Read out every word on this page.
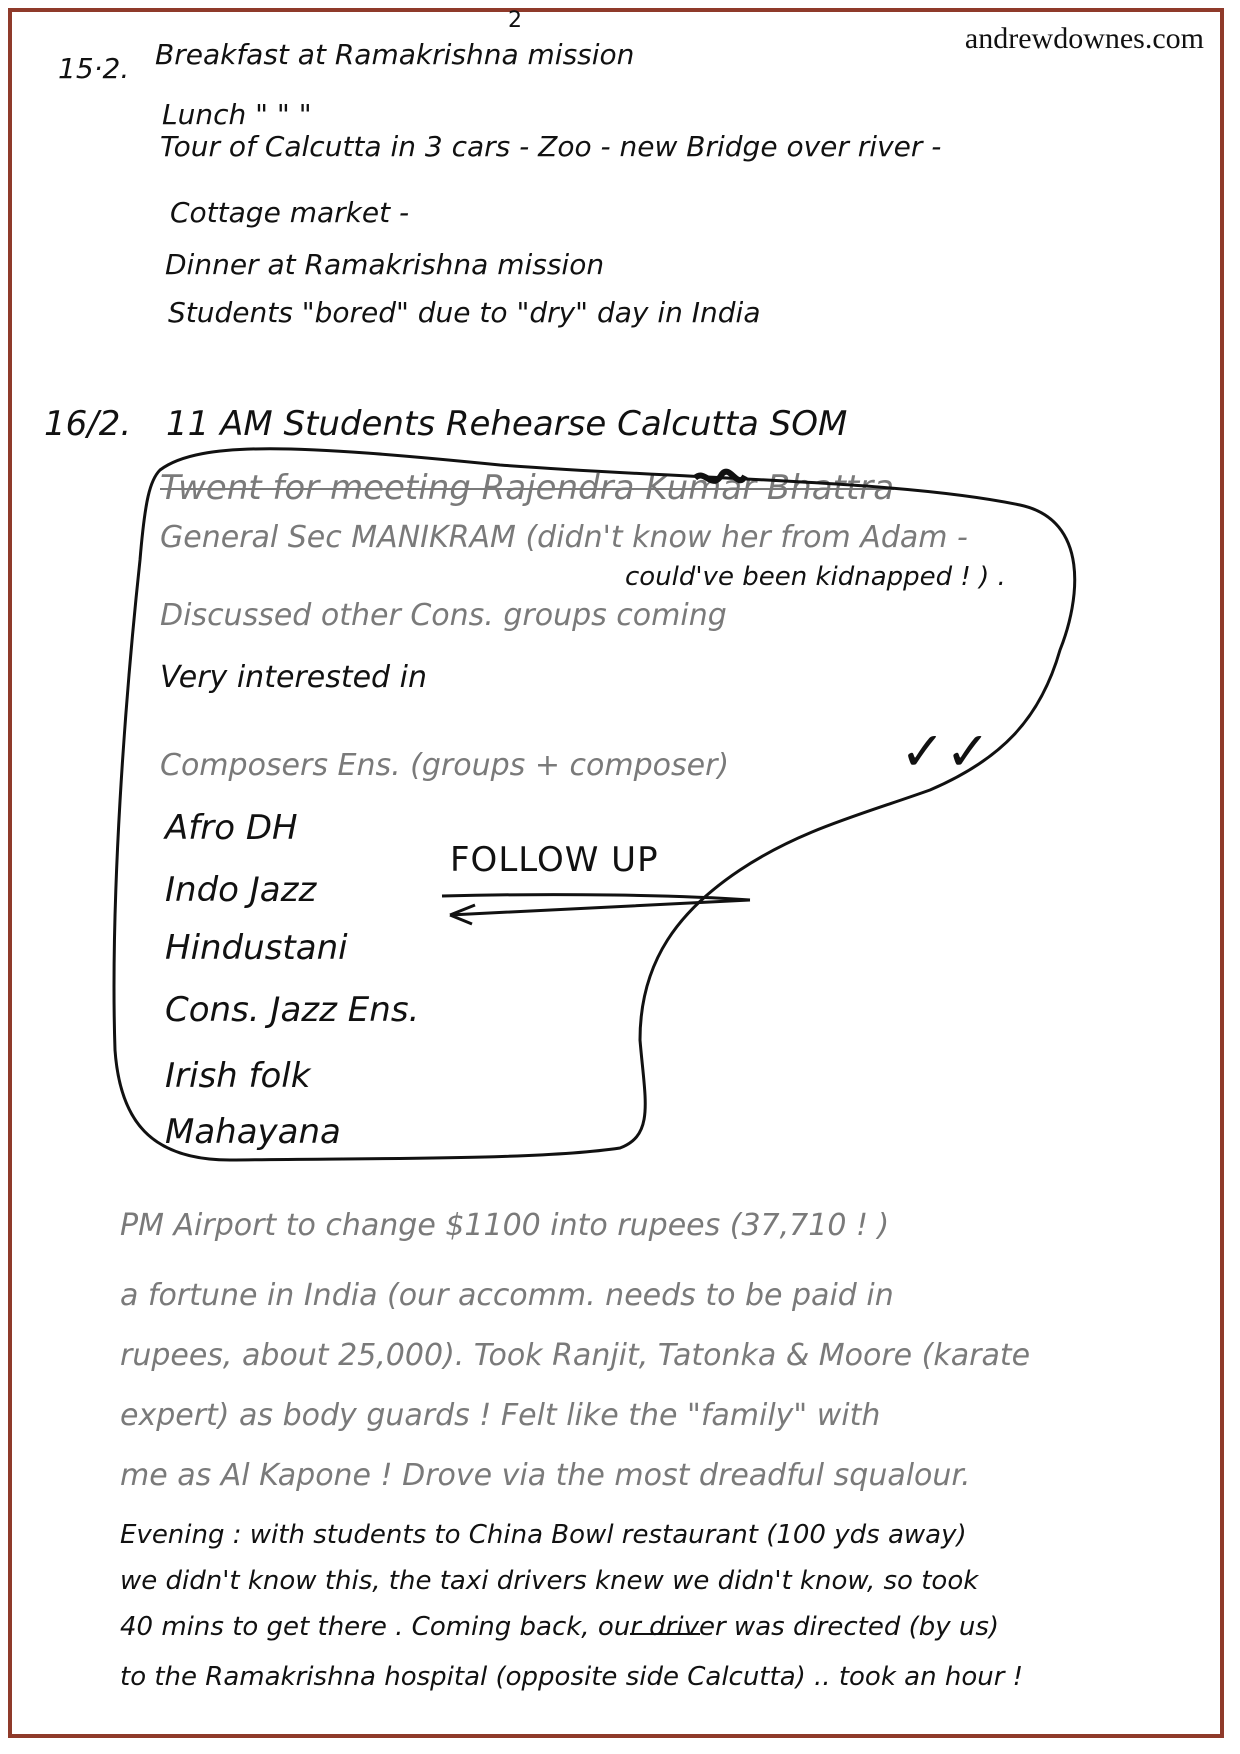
2
andrewdownes.com
15·2. Breakfast at Ramakrishna mission
Lunch " " "
Tour of Calcutta in 3 cars - Zoo - new Bridge over river -
Cottage market -
Dinner at Ramakrishna mission
Students "bored" due to "dry" day in India
16/2. 11 AM Students Rehearse Calcutta SOM
Twent for meeting Rajendra Kumar Bhattra
General Sec MANIKRAM (didn't know her from Adam -
could've been kidnapped ! ) .
Discussed other Cons. groups coming
Very interested in
Composers Ens. (groups + composer)	✓✓
FOLLOW UP
Afro DH
Indo Jazz
Hindustani
Cons. Jazz Ens.
Irish folk
Mahayana
PM Airport to change $1100 into rupees (37,710 ! )
a fortune in India (our accomm. needs to be paid in
rupees, about 25,000). Took Ranjit, Tatonka & Moore (karate
expert) as body guards ! Felt like the "family" with
me as Al Kapone ! Drove via the most dreadful squalour.
Evening : with students to China Bowl restaurant (100 yds away)
we didn't know this, the taxi drivers knew we didn't know, so took
40 mins to get there . Coming back, our driver was directed (by us)
to the Ramakrishna hospital (opposite side Calcutta) .. took an hour !
